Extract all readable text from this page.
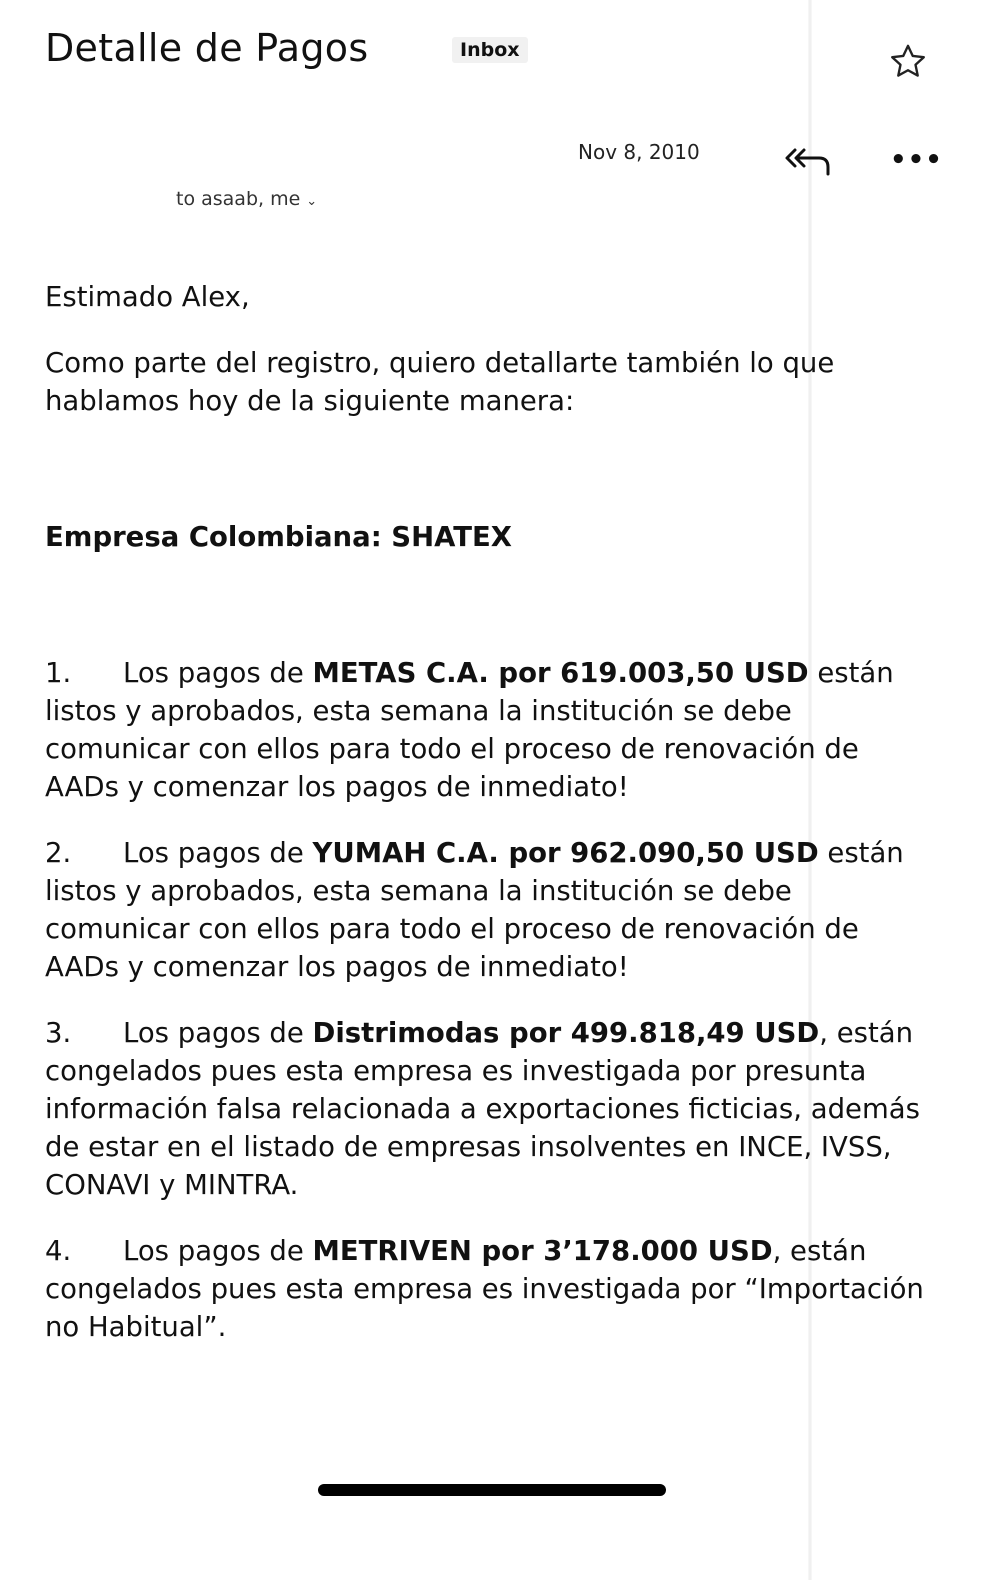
Detalle de Pagos	Inbox
Nov 8, 2010	•••
to asaab, me ⌄

Estimado Alex,

Como parte del registro, quiero detallarte también lo que hablamos hoy de la siguiente manera:

Empresa Colombiana: SHATEX

1. Los pagos de METAS C.A. por 619.003,50 USD están listos y aprobados, esta semana la institución se debe comunicar con ellos para todo el proceso de renovación de AADs y comenzar los pagos de inmediato!

2. Los pagos de YUMAH C.A. por 962.090,50 USD están listos y aprobados, esta semana la institución se debe comunicar con ellos para todo el proceso de renovación de AADs y comenzar los pagos de inmediato!

3. Los pagos de Distrimodas por 499.818,49 USD, están congelados pues esta empresa es investigada por presunta información falsa relacionada a exportaciones ficticias, además de estar en el listado de empresas insolventes en INCE, IVSS, CONAVI y MINTRA.

4. Los pagos de METRIVEN por 3’178.000 USD, están congelados pues esta empresa es investigada por “Importación no Habitual”.
